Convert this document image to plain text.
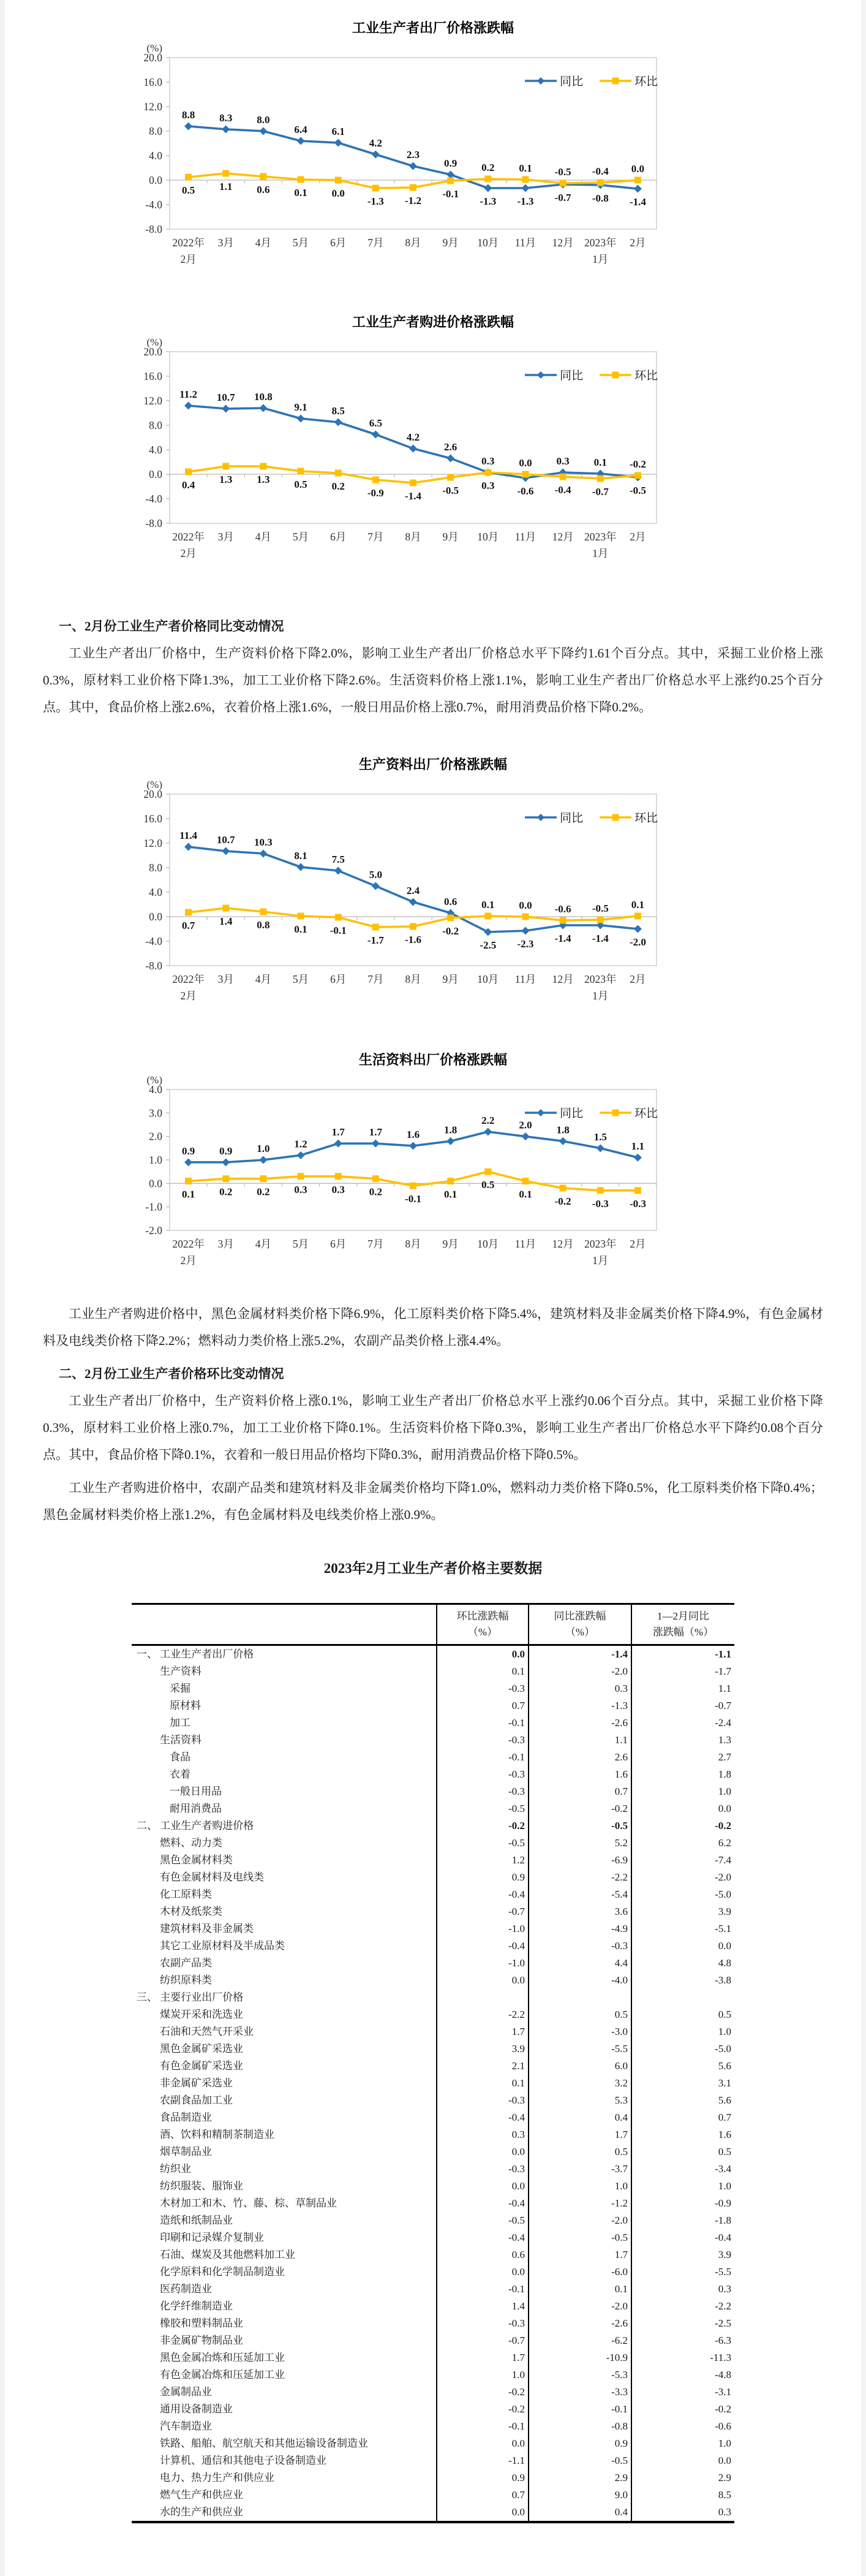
工业生产者出厂价格涨跌幅
20.0
16.0
12.0
8.0
4.0
0.0
-4.0
-8.0
(%)
2022年
2月
3月 4月 5月 6月 7月 8月 9月 10月 11月 12月 2023年
1月
2月
8.8 8.3 8.0
6.4 6.1
4.2
2.3
0.9
-1.3 -1.3 -0.7 -0.8 -1.4
0.5 1.1 0.6 0.1 0.0
-1.3 -1.2
-0.1
0.2 0.1 -0.5 -0.4 0.0
同比	环比
工业生产者购进价格涨跌幅
20.0
16.0
12.0
8.0
4.0
0.0
-4.0
-8.0
(%)
2022年
2月
3月 4月 5月 6月 7月 8月 9月 10月 11月 12月 2023年
1月
2月
11.2 10.7 10.8
9.1 8.5
6.5
4.2
2.6
0.3
-0.6
0.3 0.1
-0.5
0.4 1.3 1.3 0.5 0.2
-0.9 -1.4 -0.5 0.3
0.0
-0.4 -0.7
-0.2
同比	环比
一、2月份工业生产者价格同比变动情况

工业生产者出厂价格中，生产资料价格下降2.0%，影响工业生产者出厂价格总水平下降约1.61个百分点。其中，采掘工业价格上涨0.3%，原材料工业价格下降1.3%，加工工业价格下降2.6%。生活资料价格上涨1.1%，影响工业生产者出厂价格总水平上涨约0.25个百分点。其中，食品价格上涨2.6%，衣着价格上涨1.6%，一般日用品价格上涨0.7%，耐用消费品价格下降0.2%。

生产资料出厂价格涨跌幅
20.0
16.0
12.0
8.0
4.0
0.0
-4.0
-8.0
(%)
2022年
2月
3月 4月 5月 6月 7月 8月 9月 10月 11月 12月 2023年
1月
2月
11.4 10.7 10.3
8.1 7.5
5.0
2.4
0.6
-2.5 -2.3 -1.4 -1.4 -2.0
0.7 1.4 0.8 0.1 -0.1
-1.7 -1.6
-0.2
0.1 0.0 -0.6 -0.5 0.1
同比	环比
生活资料出厂价格涨跌幅
4.0
3.0
2.0
1.0
0.0
-1.0
-2.0
(%)
2022年
2月
3月 4月 5月 6月 7月 8月 9月 10月 11月 12月 2023年
1月
2月
0.9 0.9 1.0 1.2
1.7 1.7 1.6 1.8
2.2 2.0 1.8
1.5
1.1
0.1 0.2 0.2 0.3 0.3 0.2
-0.1 0.1
0.5
0.1
-0.2 -0.3 -0.3
同比	环比

工业生产者购进价格中，黑色金属材料类价格下降6.9%，化工原料类价格下降5.4%，建筑材料及非金属类价格下降4.9%，有色金属材料及电线类价格下降2.2%；燃料动力类价格上涨5.2%，农副产品类价格上涨4.4%。

二、2月份工业生产者价格环比变动情况

工业生产者出厂价格中，生产资料价格上涨0.1%，影响工业生产者出厂价格总水平上涨约0.06个百分点。其中，采掘工业价格下降0.3%，原材料工业价格上涨0.7%，加工工业价格下降0.1%。生活资料价格下降0.3%，影响工业生产者出厂价格总水平下降约0.08个百分点。其中，食品价格下降0.1%，衣着和一般日用品价格均下降0.3%，耐用消费品价格下降0.5%。

工业生产者购进价格中，农副产品类和建筑材料及非金属类价格均下降1.0%，燃料动力类价格下降0.5%，化工原料类价格下降0.4%；黑色金属材料类价格上涨1.2%，有色金属材料及电线类价格上涨0.9%。

2023年2月工业生产者价格主要数据
	环比涨跌幅
（%）	同比涨跌幅
（%）	1—2月同比
涨跌幅（%）
一、 工业生产者出厂价格	0.0	-1.4	-1.1
生产资料	0.1	-2.0	-1.7
采掘	-0.3	0.3	1.1
原材料	0.7	-1.3	-0.7
加工	-0.1	-2.6	-2.4
生活资料	-0.3	1.1	1.3
食品	-0.1	2.6	2.7
衣着	-0.3	1.6	1.8
一般日用品	-0.3	0.7	1.0
耐用消费品	-0.5	-0.2	0.0
二、 工业生产者购进价格	-0.2	-0.5	-0.2
燃料、动力类	-0.5	5.2	6.2
黑色金属材料类	1.2	-6.9	-7.4
有色金属材料及电线类	0.9	-2.2	-2.0
化工原料类	-0.4	-5.4	-5.0
木材及纸浆类	-0.7	3.6	3.9
建筑材料及非金属类	-1.0	-4.9	-5.1
其它工业原材料及半成品类	-0.4	-0.3	0.0
农副产品类	-1.0	4.4	4.8
纺织原料类	0.0	-4.0	-3.8
三、 主要行业出厂价格			
煤炭开采和洗选业	-2.2	0.5	0.5
石油和天然气开采业	1.7	-3.0	1.0
黑色金属矿采选业	3.9	-5.5	-5.0
有色金属矿采选业	2.1	6.0	5.6
非金属矿采选业	0.1	3.2	3.1
农副食品加工业	-0.3	5.3	5.6
食品制造业	-0.4	0.4	0.7
酒、饮料和精制茶制造业	0.3	1.7	1.6
烟草制品业	0.0	0.5	0.5
纺织业	-0.3	-3.7	-3.4
纺织服装、服饰业	0.0	1.0	1.0
木材加工和木、竹、藤、棕、草制品业	-0.4	-1.2	-0.9
造纸和纸制品业	-0.5	-2.0	-1.8
印刷和记录媒介复制业	-0.4	-0.5	-0.4
石油、煤炭及其他燃料加工业	0.6	1.7	3.9
化学原料和化学制品制造业	0.0	-6.0	-5.5
医药制造业	-0.1	0.1	0.3
化学纤维制造业	1.4	-2.0	-2.2
橡胶和塑料制品业	-0.3	-2.6	-2.5
非金属矿物制品业	-0.7	-6.2	-6.3
黑色金属冶炼和压延加工业	1.7	-10.9	-11.3
有色金属冶炼和压延加工业	1.0	-5.3	-4.8
金属制品业	-0.2	-3.3	-3.1
通用设备制造业	-0.2	-0.1	-0.2
汽车制造业	-0.1	-0.8	-0.6
铁路、船舶、航空航天和其他运输设备制造业	0.0	0.9	1.0
计算机、通信和其他电子设备制造业	-1.1	-0.5	0.0
电力、热力生产和供应业	0.9	2.9	2.9
燃气生产和供应业	0.7	9.0	8.5
水的生产和供应业	0.0	0.4	0.3
